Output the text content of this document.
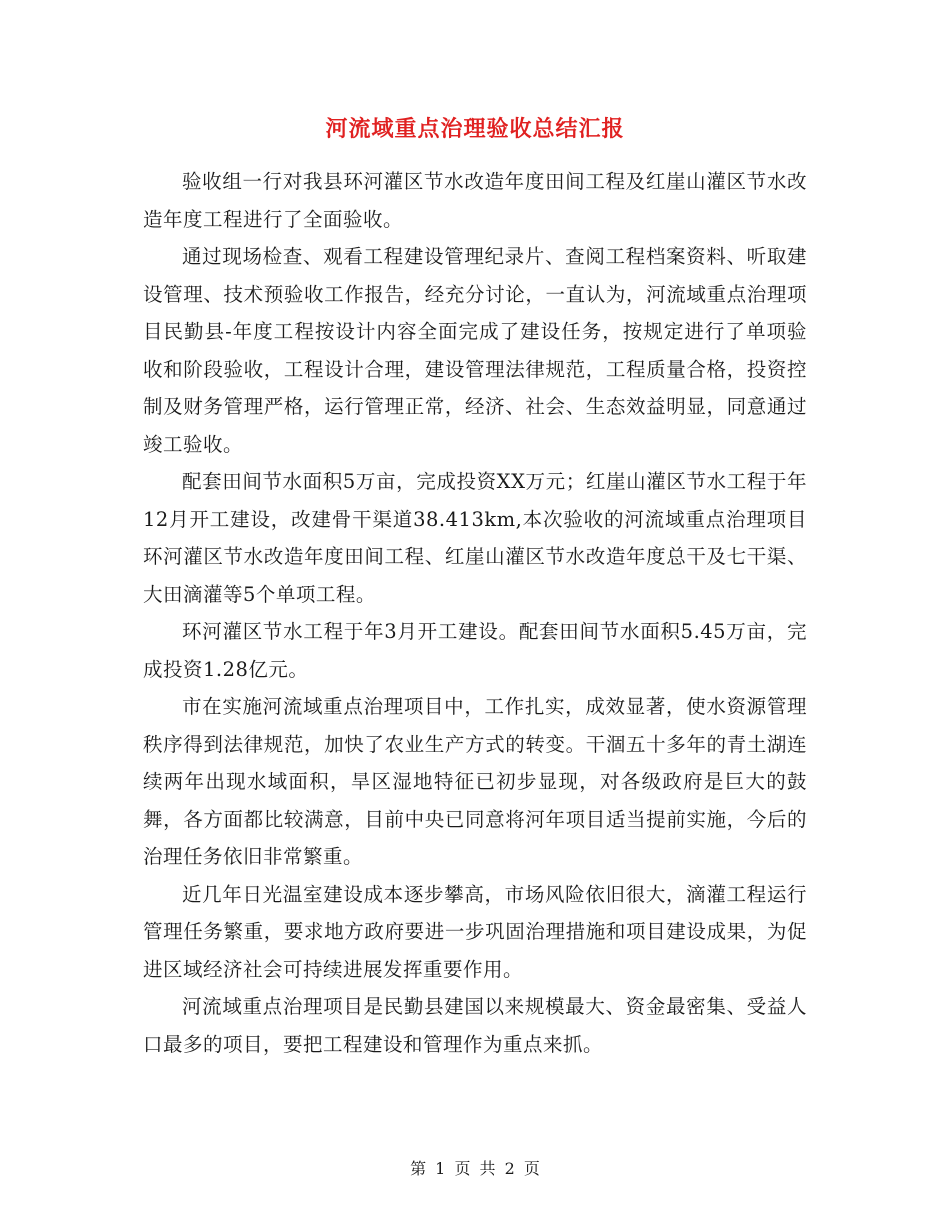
河流域重点治理验收总结汇报

验收组一行对我县环河灌区节水改造年度田间工程及红崖山灌区节水改造年度工程进行了全面验收。

通过现场检查、观看工程建设管理纪录片、查阅工程档案资料、听取建设管理、技术预验收工作报告，经充分讨论，一直认为，河流域重点治理项目民勤县-年度工程按设计内容全面完成了建设任务，按规定进行了单项验收和阶段验收，工程设计合理，建设管理法律规范，工程质量合格，投资控制及财务管理严格，运行管理正常，经济、社会、生态效益明显，同意通过竣工验收。

配套田间节水面积5万亩，完成投资XX万元；红崖山灌区节水工程于年12月开工建设，改建骨干渠道38.413km,本次验收的河流域重点治理项目环河灌区节水改造年度田间工程、红崖山灌区节水改造年度总干及七干渠、大田滴灌等5个单项工程。

环河灌区节水工程于年3月开工建设。配套田间节水面积5.45万亩，完成投资1.28亿元。

市在实施河流域重点治理项目中，工作扎实，成效显著，使水资源管理秩序得到法律规范，加快了农业生产方式的转变。干涸五十多年的青土湖连续两年出现水域面积，旱区湿地特征已初步显现，对各级政府是巨大的鼓舞，各方面都比较满意，目前中央已同意将河年项目适当提前实施，今后的治理任务依旧非常繁重。

近几年日光温室建设成本逐步攀高，市场风险依旧很大，滴灌工程运行管理任务繁重，要求地方政府要进一步巩固治理措施和项目建设成果，为促进区域经济社会可持续进展发挥重要作用。

河流域重点治理项目是民勤县建国以来规模最大、资金最密集、受益人口最多的项目，要把工程建设和管理作为重点来抓。

第 1 页 共 2 页
